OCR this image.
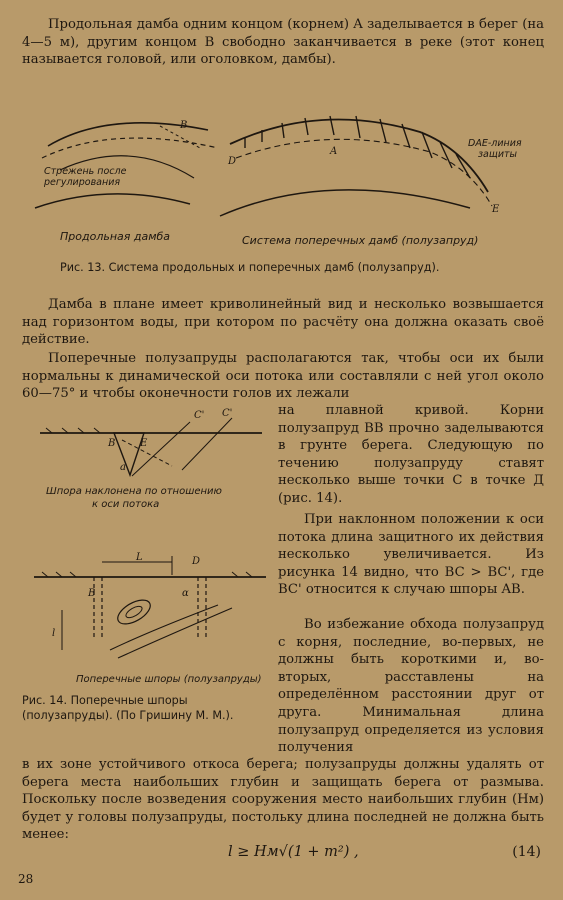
Продольная дамба одним концом (корнем) A заделывается в берег (на 4—5 м), другим концом B свободно заканчивается в реке (этот конец называется головой, или оголовком, дамбы).

B
Стрежень после
регулирования
Продольная дамба
D
A
E
DAE-линия
защиты
Система поперечных дамб (полузапруд)
Рис. 13. Система продольных и поперечных дамб (полузапруд).

Дамба в плане имеет криволинейный вид и несколько возвышается над горизонтом воды, при котором по расчёту она должна оказать своё действие.

Поперечные полузапруды располагаются так, чтобы оси их были нормальны к динамической оси потока или составляли с ней угол около 60—75° и чтобы оконечности голов их лежали

B E
C' C'
a
Шпора наклонена по отношению
к оси потока
L	D
l
B	α
Поперечные шпоры (полузапруды)
Рис. 14. Поперечные шпоры (полузапруды). (По Гришину М. М.).

на плавной кривой. Корни полузапруд BB прочно заделываются в грунте берега. Следующую по течению полузапруду ставят несколько выше точки C в точке Д (рис. 14).

При наклонном положении к оси потока длина защитного их действия несколько увеличивается. Из рисунка 14 видно, что BC > BC', где BC' относится к случаю шпоры AB.

Во избежание обхода полузапруд с корня, последние, во-первых, не должны быть короткими и, во-вторых, расставлены на определённом расстоянии друг от друга. Минимальная длина полузапруд определяется из условия получения

в их зоне устойчивого откоса берега; полузапруды должны удалять от берега места наибольших глубин и защищать берега от размыва. Поскольку после возведения сооружения место наибольших глубин (Hм) будет у головы полузапруды, постольку длина последней не должна быть менее:

l ≥ Hм√(1 + m²) ,	(14)
28
